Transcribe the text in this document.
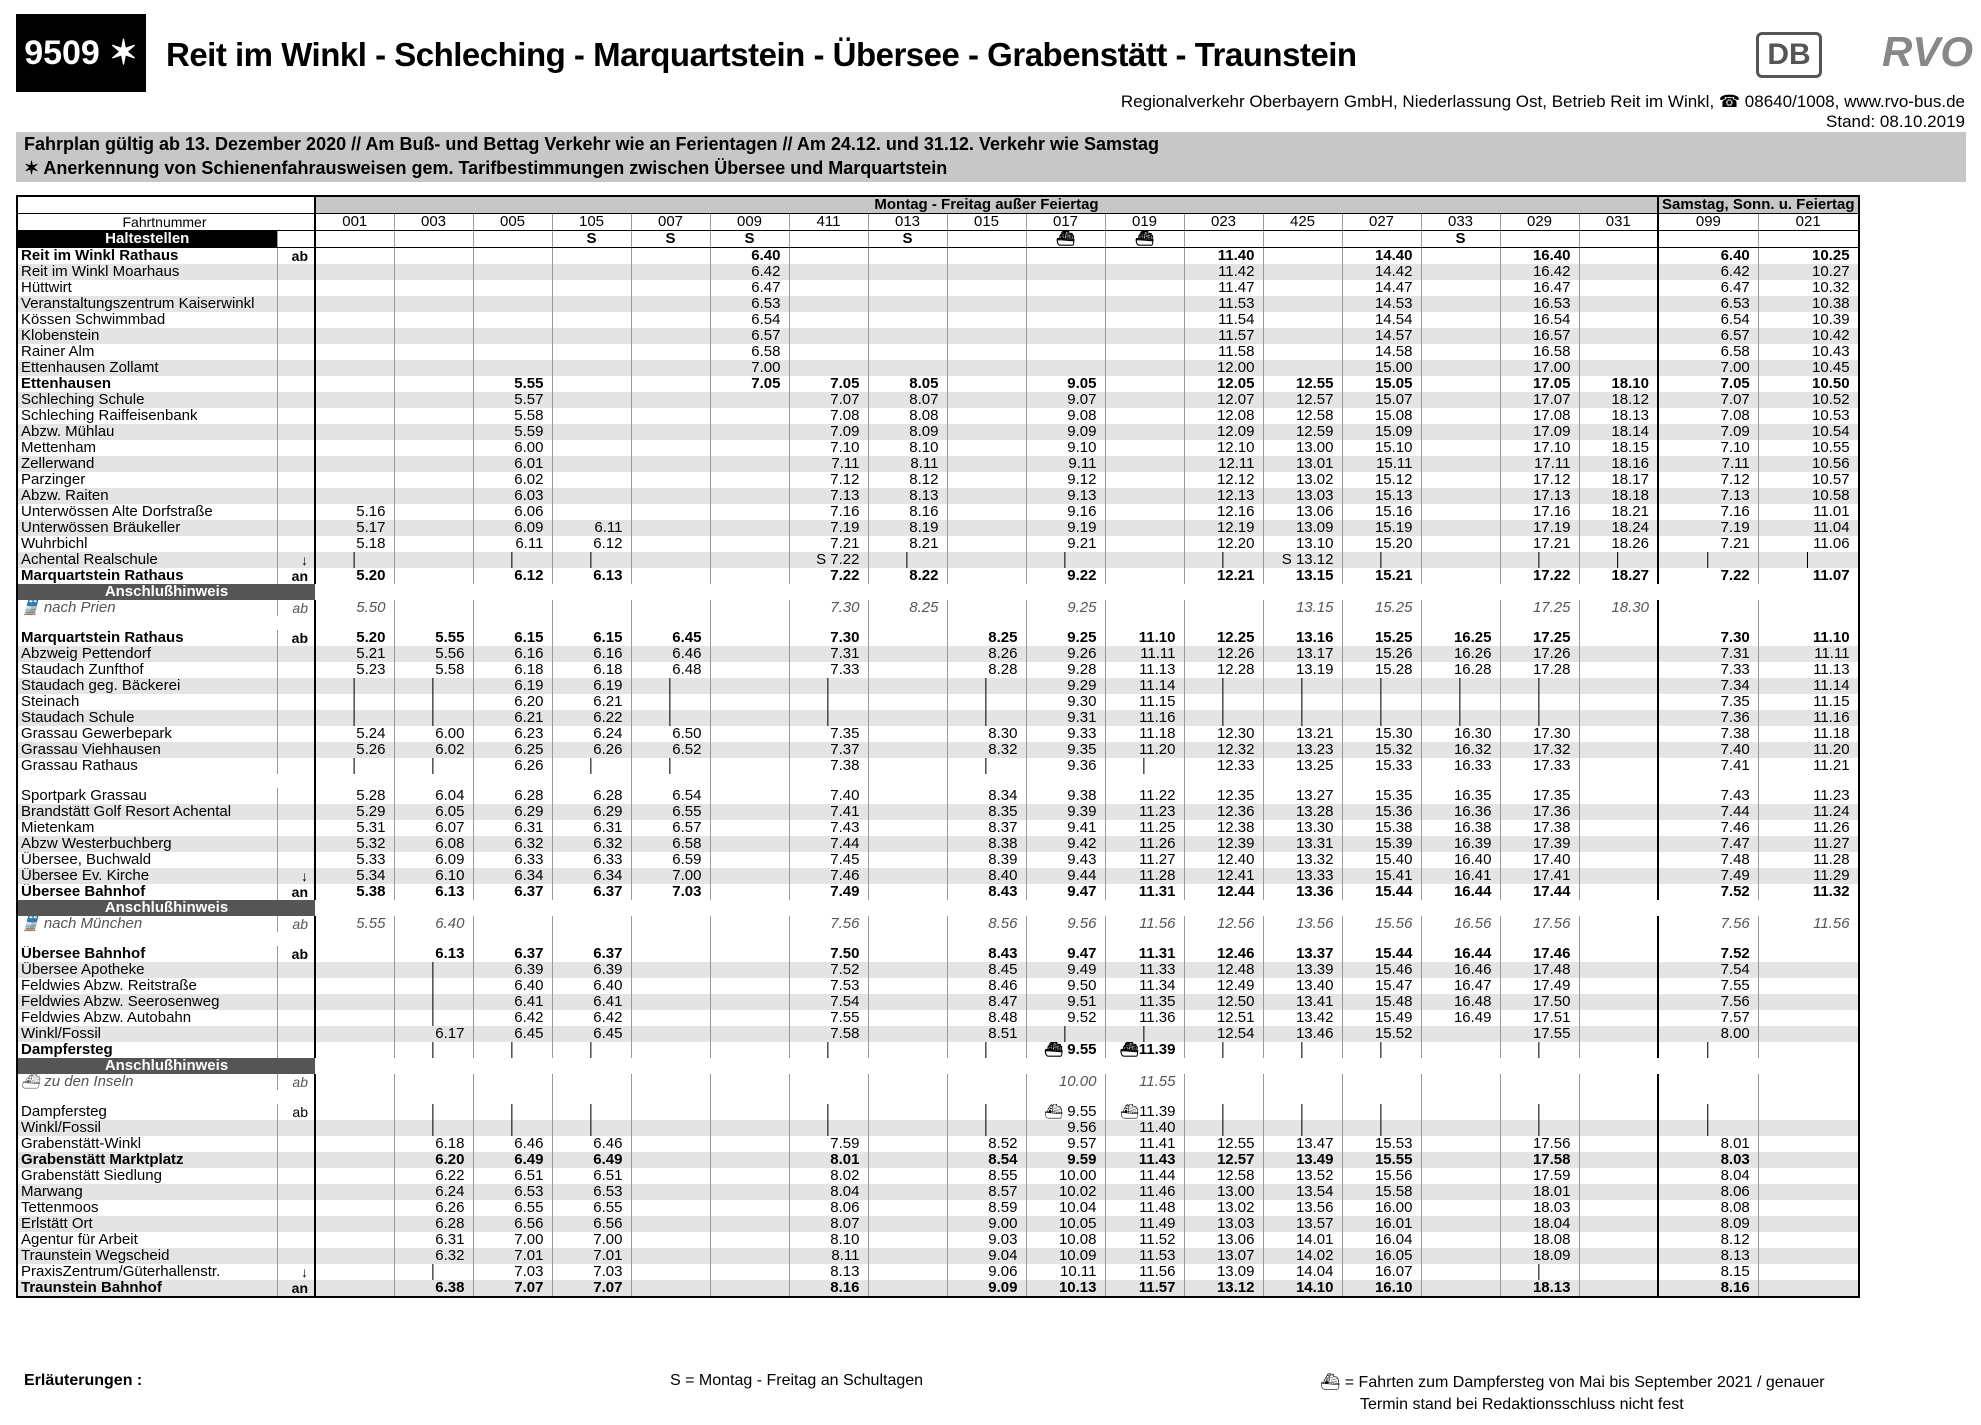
9509 ✶ Reit im Winkl - Schleching - Marquartstein - Übersee - Grabenstätt - Traunstein	DB RVO
Regionalverkehr Oberbayern GmbH, Niederlassung Ost, Betrieb Reit im Winkl, ☎ 08640/1008, www.rvo-bus.de
Stand: 08.10.2019
Fahrplan gültig ab 13. Dezember 2020 // Am Buß- und Bettag Verkehr wie an Ferientagen // Am 24.12. und 31.12. Verkehr wie Samstag
✶ Anerkennung von Schienenfahrausweisen gem. Tarifbestimmungen zwischen Übersee und Marquartstein
		Montag - Freitag außer Feiertag																	Samstag, Sonn. u. Feiertag	
Fahrtnummer		001	003	005	105	007	009	411	013	015	017	019	023	425	027	033	029	031	099	021
Haltestellen					S	S	S		S		⛴	⛴				S				
Reit im Winkl Rathaus	ab						6.40						11.40		14.40		16.40		6.40	10.25
Reit im Winkl Moarhaus							6.42						11.42		14.42		16.42		6.42	10.27
Hüttwirt							6.47						11.47		14.47		16.47		6.47	10.32
Veranstaltungszentrum Kaiserwinkl							6.53						11.53		14.53		16.53		6.53	10.38
Kössen Schwimmbad							6.54						11.54		14.54		16.54		6.54	10.39
Klobenstein							6.57						11.57		14.57		16.57		6.57	10.42
Rainer Alm							6.58						11.58		14.58		16.58		6.58	10.43
Ettenhausen Zollamt							7.00						12.00		15.00		17.00		7.00	10.45
Ettenhausen				5.55			7.05	7.05	8.05		9.05		12.05	12.55	15.05		17.05	18.10	7.05	10.50
Schleching Schule				5.57				7.07	8.07		9.07		12.07	12.57	15.07		17.07	18.12	7.07	10.52
Schleching Raiffeisenbank				5.58				7.08	8.08		9.08		12.08	12.58	15.08		17.08	18.13	7.08	10.53
Abzw. Mühlau				5.59				7.09	8.09		9.09		12.09	12.59	15.09		17.09	18.14	7.09	10.54
Mettenham				6.00				7.10	8.10		9.10		12.10	13.00	15.10		17.10	18.15	7.10	10.55
Zellerwand				6.01				7.11	8.11		9.11		12.11	13.01	15.11		17.11	18.16	7.11	10.56
Parzinger				6.02				7.12	8.12		9.12		12.12	13.02	15.12		17.12	18.17	7.12	10.57
Abzw. Raiten				6.03				7.13	8.13		9.13		12.13	13.03	15.13		17.13	18.18	7.13	10.58
Unterwössen Alte Dorfstraße		5.16		6.06				7.16	8.16		9.16		12.16	13.06	15.16		17.16	18.21	7.16	11.01
Unterwössen Bräukeller		5.17		6.09	6.11			7.19	8.19		9.19		12.19	13.09	15.19		17.19	18.24	7.19	11.04
Wuhrbichl		5.18		6.11	6.12			7.21	8.21		9.21		12.20	13.10	15.20		17.21	18.26	7.21	11.06
Achental Realschule	↓	│		│	│			S 7.22	│		│		│	S 13.12	│		│	│	│	│
Marquartstein Rathaus	an	5.20		6.12	6.13			7.22	8.22		9.22		12.21	13.15	15.21		17.22	18.27	7.22	11.07
Anschlußhinweis																				
🚆 nach Prien	ab	5.50						7.30	8.25		9.25			13.15	15.25		17.25	18.30		

Marquartstein Rathaus	ab	5.20	5.55	6.15	6.15	6.45		7.30		8.25	9.25	11.10	12.25	13.16	15.25	16.25	17.25		7.30	11.10
Abzweig Pettendorf		5.21	5.56	6.16	6.16	6.46		7.31		8.26	9.26	11.11	12.26	13.17	15.26	16.26	17.26		7.31	11.11
Staudach Zunfthof		5.23	5.58	6.18	6.18	6.48		7.33		8.28	9.28	11.13	12.28	13.19	15.28	16.28	17.28		7.33	11.13
Staudach geg. Bäckerei		│	│	6.19	6.19	│		│		│	9.29	11.14	│	│	│	│	│		7.34	11.14
Steinach		│	│	6.20	6.21	│		│		│	9.30	11.15	│	│	│	│	│		7.35	11.15
Staudach Schule		│	│	6.21	6.22	│		│		│	9.31	11.16	│	│	│	│	│		7.36	11.16
Grassau Gewerbepark		5.24	6.00	6.23	6.24	6.50		7.35		8.30	9.33	11.18	12.30	13.21	15.30	16.30	17.30		7.38	11.18
Grassau Viehhausen		5.26	6.02	6.25	6.26	6.52		7.37		8.32	9.35	11.20	12.32	13.23	15.32	16.32	17.32		7.40	11.20
Grassau Rathaus		│	│	6.26	│	│		7.38		│	9.36	│	12.33	13.25	15.33	16.33	17.33		7.41	11.21

Sportpark Grassau		5.28	6.04	6.28	6.28	6.54		7.40		8.34	9.38	11.22	12.35	13.27	15.35	16.35	17.35		7.43	11.23
Brandstätt Golf Resort Achental		5.29	6.05	6.29	6.29	6.55		7.41		8.35	9.39	11.23	12.36	13.28	15.36	16.36	17.36		7.44	11.24
Mietenkam		5.31	6.07	6.31	6.31	6.57		7.43		8.37	9.41	11.25	12.38	13.30	15.38	16.38	17.38		7.46	11.26
Abzw Westerbuchberg		5.32	6.08	6.32	6.32	6.58		7.44		8.38	9.42	11.26	12.39	13.31	15.39	16.39	17.39		7.47	11.27
Übersee, Buchwald		5.33	6.09	6.33	6.33	6.59		7.45		8.39	9.43	11.27	12.40	13.32	15.40	16.40	17.40		7.48	11.28
Übersee Ev. Kirche	↓	5.34	6.10	6.34	6.34	7.00		7.46		8.40	9.44	11.28	12.41	13.33	15.41	16.41	17.41		7.49	11.29
Übersee Bahnhof	an	5.38	6.13	6.37	6.37	7.03		7.49		8.43	9.47	11.31	12.44	13.36	15.44	16.44	17.44		7.52	11.32
Anschlußhinweis																				
🚆 nach München	ab	5.55	6.40					7.56		8.56	9.56	11.56	12.56	13.56	15.56	16.56	17.56		7.56	11.56

Übersee Bahnhof	ab		6.13	6.37	6.37			7.50		8.43	9.47	11.31	12.46	13.37	15.44	16.44	17.46		7.52	
Übersee Apotheke			│	6.39	6.39			7.52		8.45	9.49	11.33	12.48	13.39	15.46	16.46	17.48		7.54	
Feldwies Abzw. Reitstraße			│	6.40	6.40			7.53		8.46	9.50	11.34	12.49	13.40	15.47	16.47	17.49		7.55	
Feldwies Abzw. Seerosenweg			│	6.41	6.41			7.54		8.47	9.51	11.35	12.50	13.41	15.48	16.48	17.50		7.56	
Feldwies Abzw. Autobahn			│	6.42	6.42			7.55		8.48	9.52	11.36	12.51	13.42	15.49	16.49	17.51		7.57	
Winkl/Fossil			6.17	6.45	6.45			7.58		8.51	│	│	12.54	13.46	15.52		17.55		8.00	
Dampfersteg			│	│	│			│		│	⛴ 9.55	⛴11.39	│	│	│		│		│	
Anschlußhinweis																				
⛴ zu den Inseln	ab										10.00	11.55								

Dampfersteg	ab		│	│	│			│		│	⛴ 9.55	⛴11.39	│	│	│		│		│	
Winkl/Fossil			│	│	│			│		│	9.56	11.40	│	│	│		│		│	
Grabenstätt-Winkl			6.18	6.46	6.46			7.59		8.52	9.57	11.41	12.55	13.47	15.53		17.56		8.01	
Grabenstätt Marktplatz			6.20	6.49	6.49			8.01		8.54	9.59	11.43	12.57	13.49	15.55		17.58		8.03	
Grabenstätt Siedlung			6.22	6.51	6.51			8.02		8.55	10.00	11.44	12.58	13.52	15.56		17.59		8.04	
Marwang			6.24	6.53	6.53			8.04		8.57	10.02	11.46	13.00	13.54	15.58		18.01		8.06	
Tettenmoos			6.26	6.55	6.55			8.06		8.59	10.04	11.48	13.02	13.56	16.00		18.03		8.08	
Erlstätt Ort			6.28	6.56	6.56			8.07		9.00	10.05	11.49	13.03	13.57	16.01		18.04		8.09	
Agentur für Arbeit			6.31	7.00	7.00			8.10		9.03	10.08	11.52	13.06	14.01	16.04		18.08		8.12	
Traunstein Wegscheid			6.32	7.01	7.01			8.11		9.04	10.09	11.53	13.07	14.02	16.05		18.09		8.13	
PraxisZentrum/Güterhallenstr.	↓		│	7.03	7.03			8.13		9.06	10.11	11.56	13.09	14.04	16.07		│		8.15	
Traunstein Bahnhof	an		6.38	7.07	7.07			8.16		9.09	10.13	11.57	13.12	14.10	16.10		18.13		8.16	
Erläuterungen :	S = Montag - Freitag an Schultagen	⛴ = Fahrten zum Dampfersteg von Mai bis September 2021 / genauer
Termin stand bei Redaktionsschluss nicht fest
